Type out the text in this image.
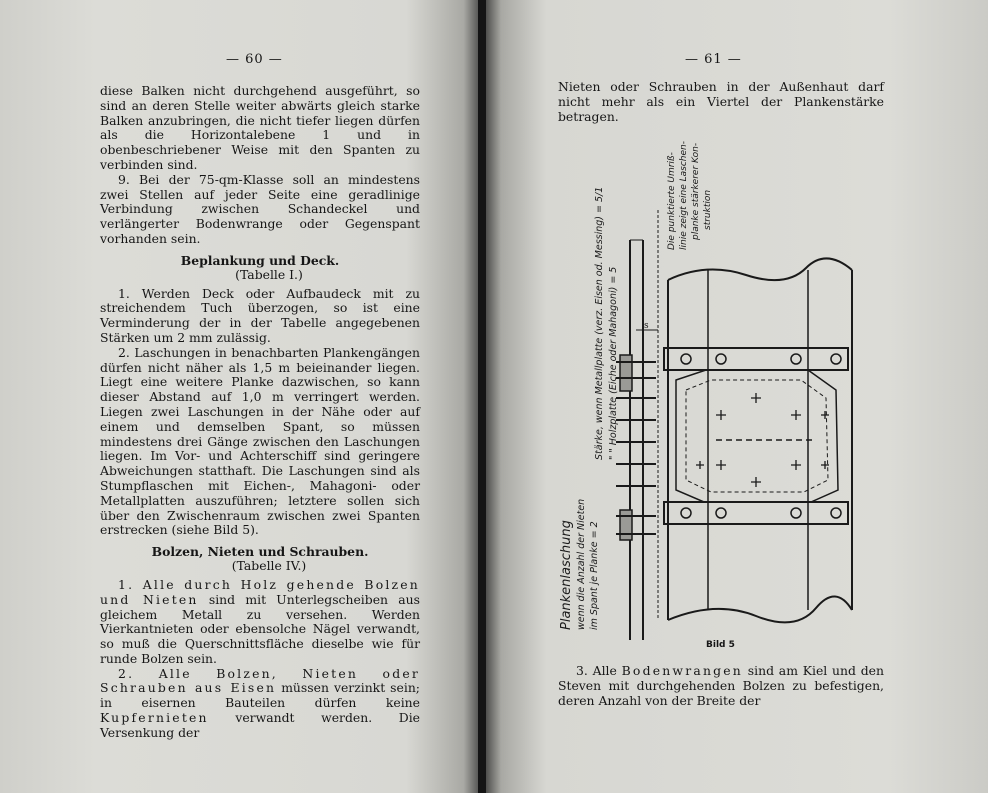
— 60 —

diese Balken nicht durchgehend ausgeführt, so sind an deren Stelle weiter abwärts gleich starke Balken anzubringen, die nicht tiefer liegen dürfen als die Horizontalebene 1 und in obenbeschriebener Weise mit den Spanten zu verbinden sind.

9. Bei der 75-qm-Klasse soll an mindestens zwei Stellen auf jeder Seite eine geradlinige Verbindung zwischen Schandeckel und verlängerter Bodenwrange oder Gegenspant vorhanden sein.

Beplankung und Deck.

(Tabelle I.)

1. Werden Deck oder Aufbaudeck mit zu streichendem Tuch überzogen, so ist eine Verminderung der in der Tabelle angegebenen Stärken um 2 mm zulässig.

2. Laschungen in benachbarten Plankengängen dürfen nicht näher als 1,5 m beieinander liegen. Liegt eine weitere Planke dazwischen, so kann dieser Abstand auf 1,0 m verringert werden. Liegen zwei Laschungen in der Nähe oder auf einem und demselben Spant, so müssen mindestens drei Gänge zwischen den Laschungen liegen. Im Vor- und Achterschiff sind geringere Abweichungen statthaft. Die Laschungen sind als Stumpflaschen mit Eichen-, Mahagoni- oder Metallplatten auszuführen; letztere sollen sich über den Zwischenraum zwischen zwei Spanten erstrecken (siehe Bild 5).

Bolzen, Nieten und Schrauben.

(Tabelle IV.)

1. Alle durch Holz gehende Bolzen und Nieten sind mit Unterlegscheiben aus gleichem Metall zu versehen. Werden Vierkantnieten oder ebensolche Nägel verwandt, so muß die Querschnittsfläche dieselbe wie für runde Bolzen sein.

2. Alle Bolzen, Nieten oder Schrauben aus Eisen müssen verzinkt sein; in eisernen Bauteilen dürfen keine Kupfernieten verwandt werden. Die Versenkung der

— 61 —

Nieten oder Schrauben in der Außenhaut darf nicht mehr als ein Viertel der Plankenstärke betragen.

s
Stärke, wenn Metallplatte (verz. Eisen od. Messing) = 5/1 " " Holzplatte (Eiche oder Mahagoni) = 5
Die punktierte Umriß- linie zeigt eine Laschen- planke stärkerer Kon- struktion
Plankenlaschung wenn die Anzahl der Nieten im Spant je Planke = 2
Bild 5

3. Alle Bodenwrangen sind am Kiel und den Steven mit durchgehenden Bolzen zu befestigen, deren Anzahl von der Breite der
